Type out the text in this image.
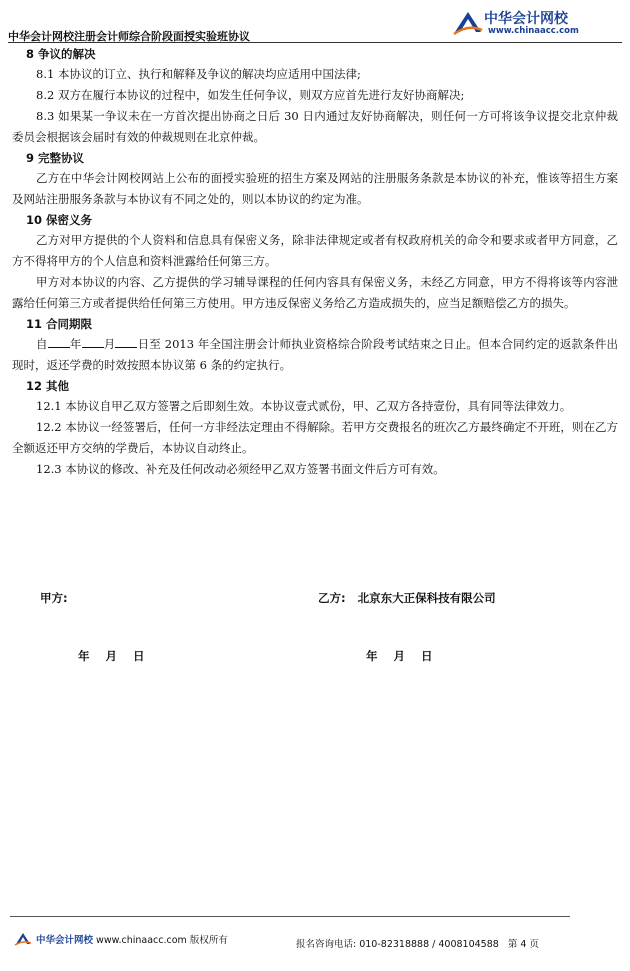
中华会计网校注册会计师综合阶段面授实验班协议
中华会计网校
www.chinaacc.com
8 争议的解决
8.1 本协议的订立、执行和解释及争议的解决均应适用中国法律;
8.2 双方在履行本协议的过程中，如发生任何争议，则双方应首先进行友好协商解决;
8.3 如果某一争议未在一方首次提出协商之日后 30 日内通过友好协商解决，则任何一方可将该争议提交北京仲裁委员会根据该会届时有效的仲裁规则在北京仲裁。
9 完整协议
乙方在中华会计网校网站上公布的面授实验班的招生方案及网站的注册服务条款是本协议的补充，惟该等招生方案及网站注册服务条款与本协议有不同之处的，则以本协议的约定为准。
10 保密义务
乙方对甲方提供的个人资料和信息具有保密义务，除非法律规定或者有权政府机关的命令和要求或者甲方同意，乙方不得将甲方的个人信息和资料泄露给任何第三方。
甲方对本协议的内容、乙方提供的学习辅导课程的任何内容具有保密义务，未经乙方同意，甲方不得将该等内容泄露给任何第三方或者提供给任何第三方使用。甲方违反保密义务给乙方造成损失的，应当足额赔偿乙方的损失。
11 合同期限
自 年 月 日至 2013 年全国注册会计师执业资格综合阶段考试结束之日止。但本合同约定的返款条件出现时，返还学费的时效按照本协议第 6 条的约定执行。
12 其他
12.1 本协议自甲乙双方签署之后即刻生效。本协议壹式贰份，甲、乙双方各持壹份，具有同等法律效力。
12.2 本协议一经签署后，任何一方非经法定理由不得解除。若甲方交费报名的班次乙方最终确定不开班，则在乙方全额返还甲方交纳的学费后，本协议自动终止。
12.3 本协议的修改、补充及任何改动必须经甲乙双方签署书面文件后方可有效。
甲方:	乙方: 北京东大正保科技有限公司
年 月 日	年 月 日
中华会计网校 www.chinaacc.com 版权所有	报名咨询电话: 010-82318888 / 4008104588 第 4 页
